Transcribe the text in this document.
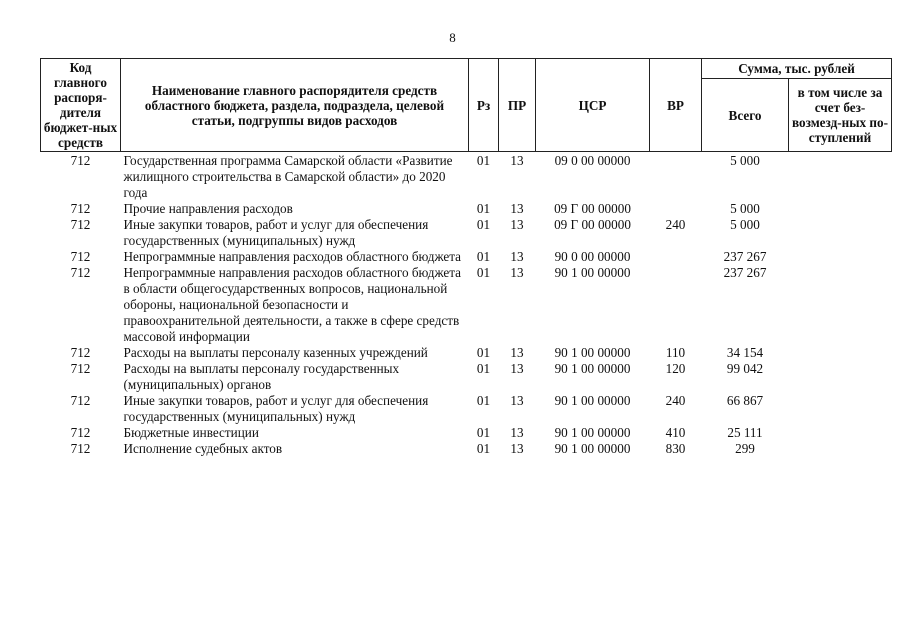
8
Код главного распоря-дителя бюджет-ных средств	Наименование главного распорядителя средств областного бюджета, раздела, подраздела, целевой статьи, подгруппы видов расходов	Рз	ПР	ЦСР	ВР	Сумма, тыс. рублей	
						Всего	в том числе за счет без-возмезд-ных по-ступлений
712	Государственная программа Самарской области «Развитие жилищного строительства в Самарской области» до 2020 года	01	13	09 0 00 00000		5 000	
712	Прочие направления расходов	01	13	09 Г 00 00000		5 000	
712	Иные закупки товаров, работ и услуг для обеспечения государственных (муниципальных) нужд	01	13	09 Г 00 00000	240	5 000	
712	Непрограммные направления расходов областного бюджета	01	13	90 0 00 00000		237 267	
712	Непрограммные направления расходов областного бюджета в области общегосударственных вопросов, национальной обороны, национальной безопасности и правоохранительной деятельности, а также в сфере средств массовой информации	01	13	90 1 00 00000		237 267	
712	Расходы на выплаты персоналу казенных учреждений	01	13	90 1 00 00000	110	34 154	
712	Расходы на выплаты персоналу государственных (муниципальных) органов	01	13	90 1 00 00000	120	99 042	
712	Иные закупки товаров, работ и услуг для обеспечения государственных (муниципальных) нужд	01	13	90 1 00 00000	240	66 867	
712	Бюджетные инвестиции	01	13	90 1 00 00000	410	25 111	
712	Исполнение судебных актов	01	13	90 1 00 00000	830	299	
